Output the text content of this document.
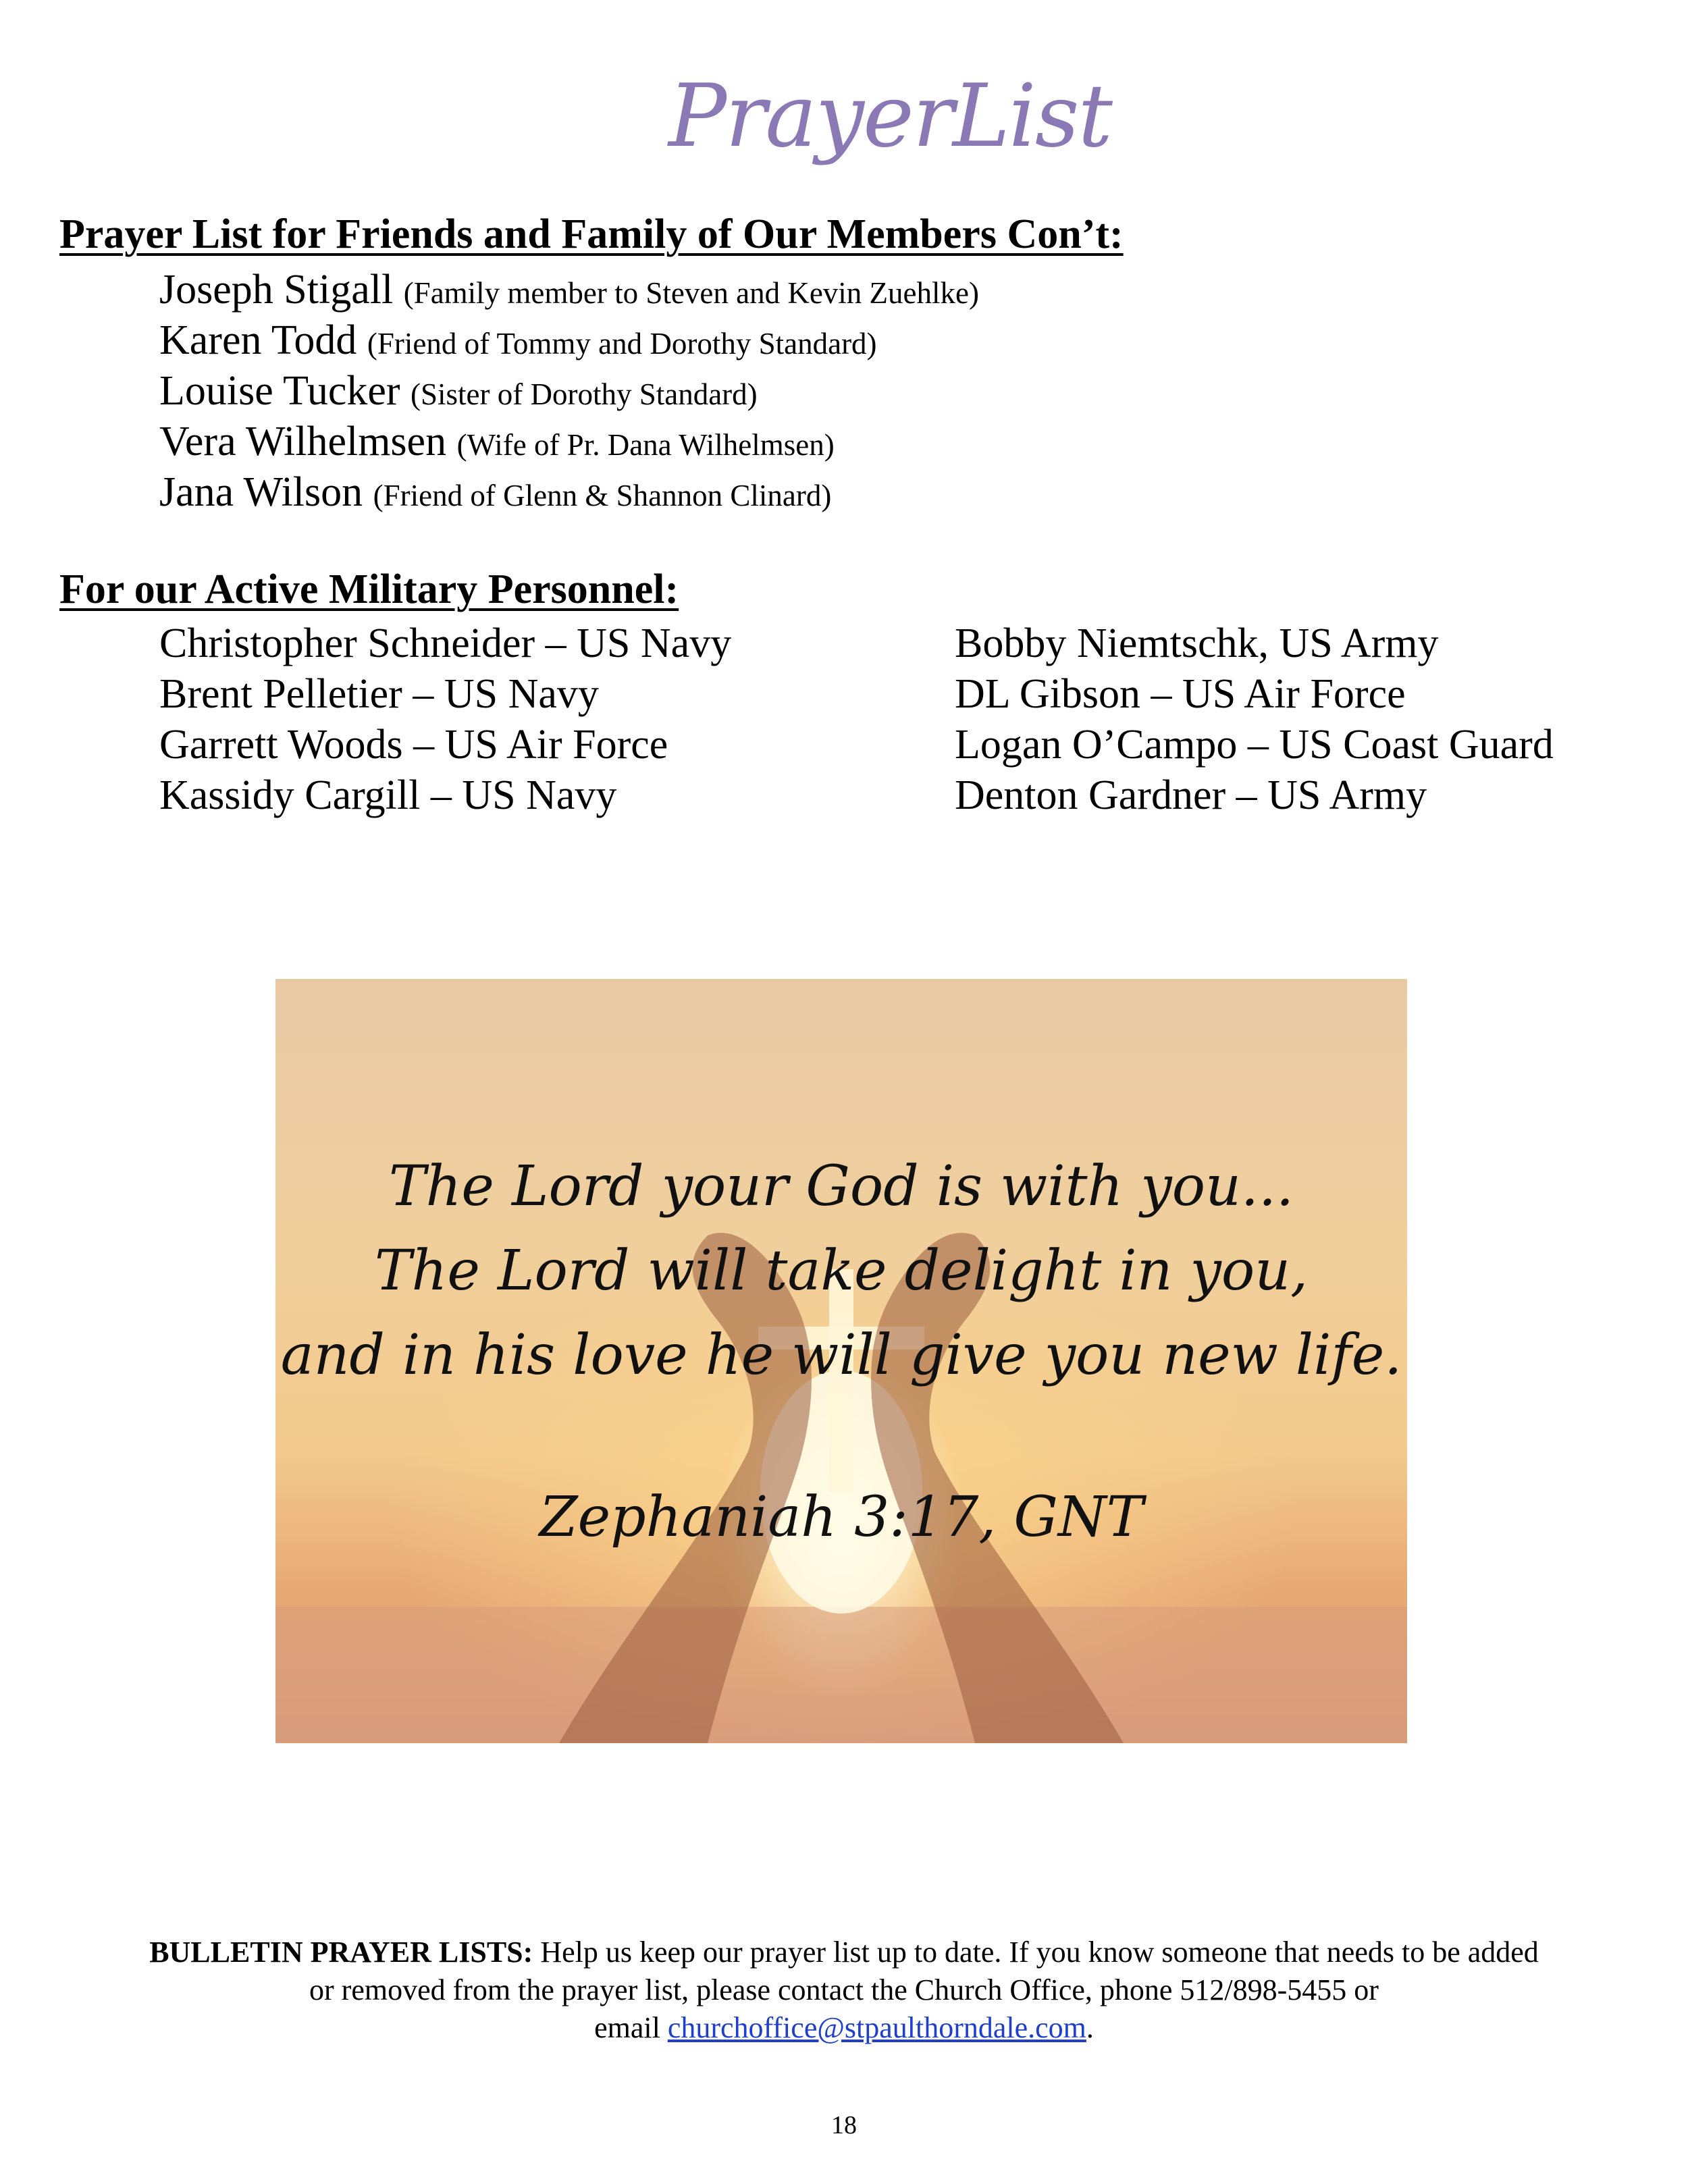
PrayerList
Prayer List for Friends and Family of Our Members Con’t:
Joseph Stigall (Family member to Steven and Kevin Zuehlke)
Karen Todd (Friend of Tommy and Dorothy Standard)
Louise Tucker (Sister of Dorothy Standard)
Vera Wilhelmsen (Wife of Pr. Dana Wilhelmsen)
Jana Wilson (Friend of Glenn & Shannon Clinard)
For our Active Military Personnel:
Christopher Schneider – US Navy
Brent Pelletier – US Navy
Garrett Woods – US Air Force
Kassidy Cargill – US Navy
Bobby Niemtschk, US Army
DL Gibson – US Air Force
Logan O’Campo – US Coast Guard
Denton Gardner – US Army
The Lord your God is with you...
The Lord will take delight in you,
and in his love he will give you new life.
Zephaniah 3:17, GNT
BULLETIN PRAYER LISTS: Help us keep our prayer list up to date. If you know someone that needs to be added
or removed from the prayer list, please contact the Church Office, phone 512/898-5455 or
email churchoffice@stpaulthorndale.com.
18
